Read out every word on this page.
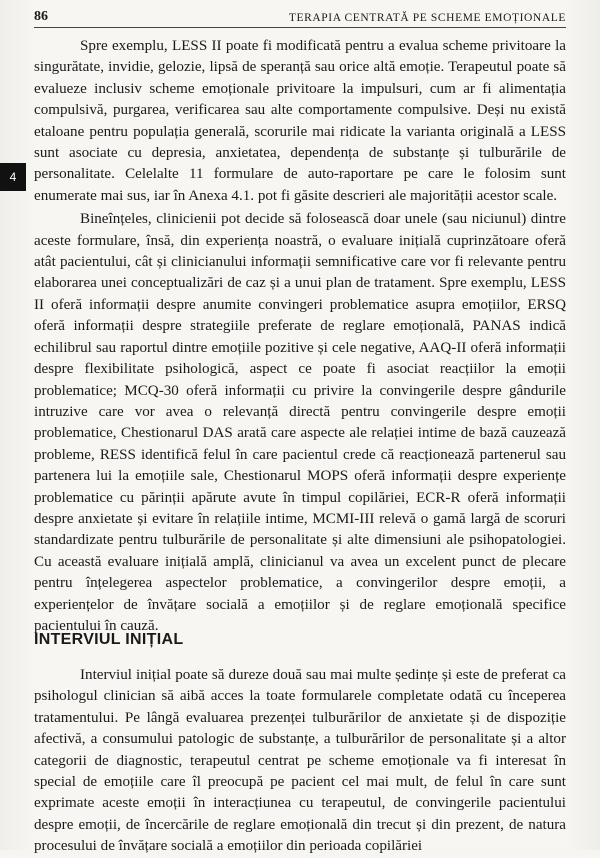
86	TERAPIA CENTRATĂ PE SCHEME EMOȚIONALE
4

Spre exemplu, LESS II poate fi modificată pentru a evalua scheme privitoare la singurătate, invidie, gelozie, lipsă de speranță sau orice altă emoție. Terapeutul poate să evalueze inclusiv scheme emoționale privitoare la impulsuri, cum ar fi alimentația compulsivă, purgarea, verificarea sau alte comportamente compulsive. Deși nu există etaloane pentru populația generală, scorurile mai ridicate la varianta originală a LESS sunt asociate cu depresia, anxietatea, dependența de substanțe și tulburările de personalitate. Celelalte 11 formulare de auto-raportare pe care le folosim sunt enumerate mai sus, iar în Anexa 4.1. pot fi găsite descrieri ale majorității acestor scale.

Bineînțeles, clinicienii pot decide să folosească doar unele (sau niciunul) dintre aceste formulare, însă, din experiența noastră, o evaluare inițială cuprinzătoare oferă atât pacientului, cât și clinicianului informații semnificative care vor fi relevante pentru elaborarea unei conceptualizări de caz și a unui plan de tratament. Spre exemplu, LESS II oferă informații despre anumite convingeri problematice asupra emoțiilor, ERSQ oferă informații despre strategiile preferate de reglare emoțională, PANAS indică echilibrul sau raportul dintre emoțiile pozitive și cele negative, AAQ-II oferă informații despre flexibilitate psihologică, aspect ce poate fi asociat reacțiilor la emoții problematice; MCQ-30 oferă informații cu privire la convingerile despre gândurile intruzive care vor avea o relevanță directă pentru convingerile despre emoții problematice, Chestionarul DAS arată care aspecte ale relației intime de bază cauzează probleme, RESS identifică felul în care pacientul crede că reacționează partenerul sau partenera lui la emoțiile sale, Chestionarul MOPS oferă informații despre experiențe problematice cu părinții apărute avute în timpul copilăriei, ECR-R oferă informații despre anxietate și evitare în relațiile intime, MCMI-III relevă o gamă largă de scoruri standardizate pentru tulburările de personalitate și alte dimensiuni ale psihopatologiei. Cu această evaluare inițială amplă, clinicianul va avea un excelent punct de plecare pentru înțelegerea aspectelor problematice, a convingerilor despre emoții, a experiențelor de învățare socială a emoțiilor și de reglare emoțională specifice pacientului în cauză.

INTERVIUL INIȚIAL

Interviul inițial poate să dureze două sau mai multe ședințe și este de preferat ca psihologul clinician să aibă acces la toate formularele completate odată cu începerea tratamentului. Pe lângă evaluarea prezenței tulburărilor de anxietate și de dispoziție afectivă, a consumului patologic de substanțe, a tulburărilor de personalitate și a altor categorii de diagnostic, terapeutul centrat pe scheme emoționale va fi interesat în special de emoțiile care îl preocupă pe pacient cel mai mult, de felul în care sunt exprimate aceste emoții în interacțiunea cu terapeutul, de convingerile pacientului despre emoții, de încercările de reglare emoțională din trecut și din prezent, de natura procesului de învățare socială a emoțiilor din perioada copilăriei
